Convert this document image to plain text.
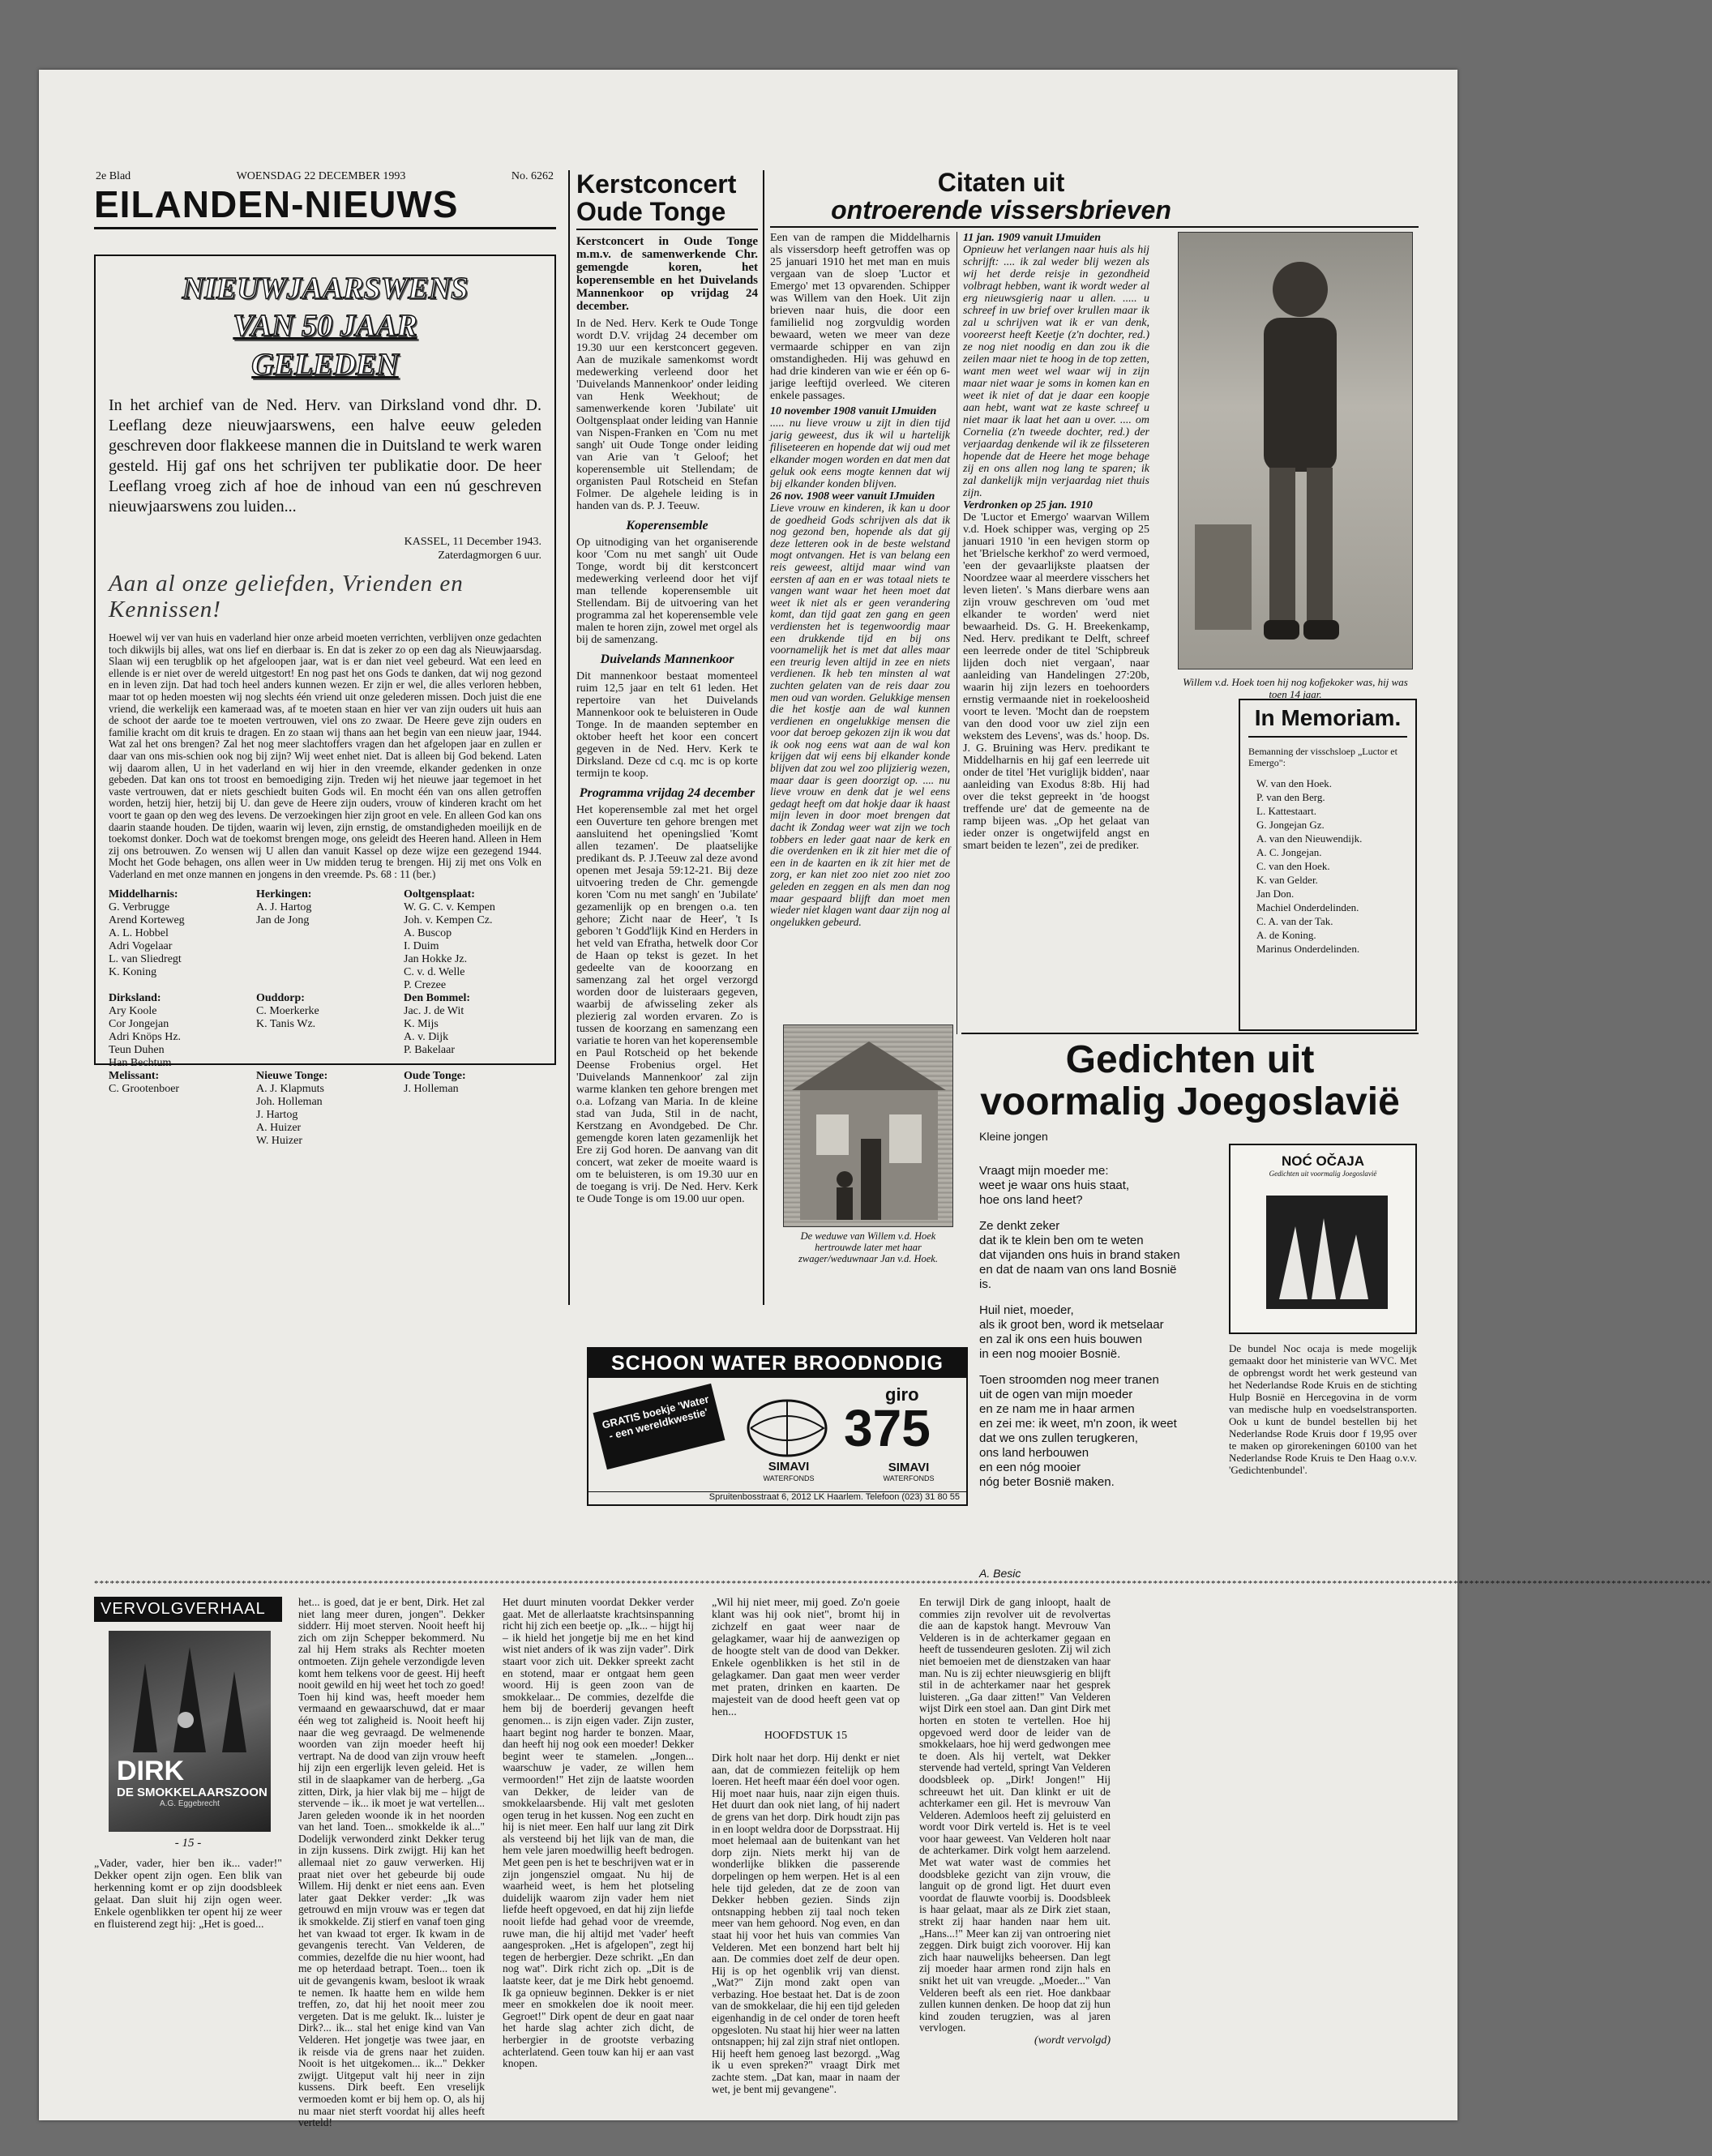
2e Blad	WOENSDAG 22 DECEMBER 1993	No. 6262
EILANDEN-NIEUWS
NIEUWJAARSWENS
VAN 50 JAAR
GELEDEN
In het archief van de Ned. Herv. van Dirksland vond dhr. D. Leeflang deze nieuwjaarswens, een halve eeuw geleden geschreven door flakkeese mannen die in Duitsland te werk waren gesteld. Hij gaf ons het schrijven ter publikatie door. De heer Leeflang vroeg zich af hoe de inhoud van een nú geschreven nieuwjaarswens zou luiden...
KASSEL, 11 December 1943.
Zaterdagmorgen 6 uur.
Aan al onze geliefden, Vrienden en Kennissen!
Hoewel wij ver van huis en vaderland hier onze arbeid moeten verrichten, verblijven onze gedachten toch dikwijls bij alles, wat ons lief en dierbaar is. En dat is zeker zo op een dag als Nieuwjaarsdag. Slaan wij een terugblik op het afgeloopen jaar, wat is er dan niet veel gebeurd. Wat een leed en ellende is er niet over de wereld uitgestort! En nog past het ons Gods te danken, dat wij nog gezond en in leven zijn. Dat had toch heel anders kunnen wezen. Er zijn er wel, die alles verloren hebben, maar tot op heden moesten wij nog slechts één vriend uit onze gelederen missen. Doch juist die ene vriend, die werkelijk een kameraad was, af te moeten staan en hier ver van zijn ouders uit huis aan de schoot der aarde toe te moeten vertrouwen, viel ons zo zwaar. De Heere geve zijn ouders en familie kracht om dit kruis te dragen. En zo staan wij thans aan het begin van een nieuw jaar, 1944. Wat zal het ons brengen? Zal het nog meer slachtoffers vragen dan het afgelopen jaar en zullen er daar van ons mis-schien ook nog bij zijn? Wij weet enhet niet. Dat is alleen bij God bekend. Laten wij daarom allen, U in het vaderland en wij hier in den vreemde, elkander gedenken in onze gebeden. Dat kan ons tot troost en bemoediging zijn. Treden wij het nieuwe jaar tegemoet in het vaste vertrouwen, dat er niets geschiedt buiten Gods wil. En mocht één van ons allen getroffen worden, hetzij hier, hetzij bij U. dan geve de Heere zijn ouders, vrouw of kinderen kracht om het voort te gaan op den weg des levens. De verzoekingen hier zijn groot en vele. En alleen God kan ons daarin staande houden. De tijden, waarin wij leven, zijn ernstig, de omstandigheden moeilijk en de toekomst donker. Doch wat de toekomst brengen moge, ons geleidt des Heeren hand. Alleen in Hem zij ons betrouwen. Zo wensen wij U allen dan vanuit Kassel op deze wijze een gezegend 1944. Mocht het Gode behagen, ons allen weer in Uw midden terug te brengen. Hij zij met ons Volk en Vaderland en met onze mannen en jongens in den vreemde. Ps. 68 : 11 (ber.)
Middelharnis:
G. Verbrugge
Arend Korteweg
A. L. Hobbel
Adri Vogelaar
L. van Sliedregt
K. Koning
Herkingen:
A. J. Hartog
Jan de Jong
Ooltgensplaat:
W. G. C. v. Kempen
Joh. v. Kempen Cz.
A. Buscop
I. Duim
Jan Hokke Jz.
C. v. d. Welle
P. Crezee
Dirksland:
Ary Koole
Cor Jongejan
Adri Knöps Hz.
Teun Duhen
Han Bechtum
Ouddorp:
C. Moerkerke
K. Tanis Wz.
Den Bommel:
Jac. J. de Wit
K. Mijs
A. v. Dijk
P. Bakelaar
Melissant:
C. Grootenboer
Nieuwe Tonge:
A. J. Klapmuts
Joh. Holleman
J. Hartog
A. Huizer
W. Huizer
Oude Tonge:
J. Holleman
Kerstconcert Oude Tonge
Kerstconcert in Oude Tonge m.m.v. de samenwerkende Chr. gemengde koren, het koperensemble en het Duivelands Mannenkoor op vrijdag 24 december.
In de Ned. Herv. Kerk te Oude Tonge wordt D.V. vrijdag 24 december om 19.30 uur een kerstconcert gegeven. Aan de muzikale samenkomst wordt medewerking verleend door het 'Duivelands Mannenkoor' onder leiding van Henk Weekhout; de samenwerkende koren 'Jubilate' uit Ooltgensplaat onder leiding van Hannie van Nispen-Franken en 'Com nu met sangh' uit Oude Tonge onder leiding van Arie van 't Geloof; het koperensemble uit Stellendam; de organisten Paul Rotscheid en Stefan Folmer. De algehele leiding is in handen van ds. P. J. Teeuw.
Koperensemble
Op uitnodiging van het organiserende koor 'Com nu met sangh' uit Oude Tonge, wordt bij dit kerstconcert medewerking verleend door het vijf man tellende koperensemble uit Stellendam. Bij de uitvoering van het programma zal het koperensemble vele malen te horen zijn, zowel met orgel als bij de samenzang.
Duivelands Mannenkoor
Dit mannenkoor bestaat momenteel ruim 12,5 jaar en telt 61 leden. Het repertoire van het Duivelands Mannenkoor ook te beluisteren in Oude Tonge. In de maanden september en oktober heeft het koor een concert gegeven in de Ned. Herv. Kerk te Dirksland. Deze cd c.q. mc is op korte termijn te koop.
Programma vrijdag 24 december
Het koperensemble zal met het orgel een Ouverture ten gehore brengen met aansluitend het openingslied 'Komt allen tezamen'. De plaatselijke predikant ds. P. J.Teeuw zal deze avond openen met Jesaja 59:12-21. Bij deze uitvoering treden de Chr. gemengde koren 'Com nu met sangh' en 'Jubilate' gezamenlijk op en brengen o.a. ten gehore; Zicht naar de Heer', 't Is geboren 't Godd'lijk Kind en Herders in het veld van Efratha, hetwelk door Cor de Haan op tekst is gezet. In het gedeelte van de kooorzang en samenzang zal het orgel verzorgd worden door de luisteraars gegeven, waarbij de afwisseling zeker als plezierig zal worden ervaren. Zo is tussen de koorzang en samenzang een variatie te horen van het koperensemble en Paul Rotscheid op het bekende Deense Frobenius orgel. Het 'Duivelands Mannenkoor' zal zijn warme klanken ten gehore brengen met o.a. Lofzang van Maria. In de kleine stad van Juda, Stil in de nacht, Kerstzang en Avondgebed. De Chr. gemengde koren laten gezamenlijk het Ere zij God horen. De aanvang van dit concert, wat zeker de moeite waard is om te beluisteren, is om 19.30 uur en de toegang is vrij. De Ned. Herv. Kerk te Oude Tonge is om 19.00 uur open.
Citaten uit
ontroerende vissersbrieven
Een van de rampen die Middelharnis als vissersdorp heeft getroffen was op 25 januari 1910 het met man en muis vergaan van de sloep 'Luctor et Emergo' met 13 opvarenden. Schipper was Willem van den Hoek. Uit zijn brieven naar huis, die door een familielid nog zorgvuldig worden bewaard, weten we meer van deze vermaarde schipper en van zijn omstandigheden. Hij was gehuwd en had drie kinderen van wie er één op 6-jarige leeftijd overleed. We citeren enkele passages.
10 november 1908 vanuit IJmuiden
..... nu lieve vrouw u zijt in dien tijd jarig geweest, dus ik wil u hartelijk filiseteeren en hopende dat wij oud met elkander mogen worden en dat men dat geluk ook eens mogte kennen dat wij bij elkander konden blijven.
26 nov. 1908 weer vanuit IJmuiden
Lieve vrouw en kinderen, ik kan u door de goedheid Gods schrijven als dat ik nog gezond ben, hopende als dat gij deze letteren ook in de beste welstand mogt ontvangen. Het is van belang een reis geweest, altijd maar wind van eersten af aan en er was totaal niets te vangen want waar het heen moet dat weet ik niet als er geen verandering komt, dan tijd gaat zen gang en geen verdiensten het is tegenwoordig maar een drukkende tijd en bij ons voornamelijk het is met dat alles maar een treurig leven altijd in zee en niets verdienen. Ik heb ten minsten al wat zuchten gelaten van de reis daar zou men oud van worden. Gelukkige mensen die het kostje aan de wal kunnen verdienen en ongelukkige mensen die voor dat beroep gekozen zijn ik wou dat ik ook nog eens wat aan de wal kon krijgen dat wij eens bij elkander konde blijven dat zou wel zoo plijzierig wezen, maar daar is geen doorzigt op. .... nu lieve vrouw en denk dat je wel eens gedagt heeft om dat hokje daar ik haast mijn leven in door moet brengen dat dacht ik Zondag weer wat zijn we toch tobbers en leder gaat naar de kerk en die overdenken en ik zit hier met die of een in de kaarten en ik zit hier met de zorg, er kan niet zoo niet zoo niet zoo geleden en zeggen en als men dan nog maar gespaard blijft dan moet men wieder niet klagen want daar zijn nog al ongelukken gebeurd.
11 jan. 1909 vanuit IJmuiden
Opnieuw het verlangen naar huis als hij schrijft: .... ik zal weder blij wezen als wij het derde reisje in gezondheid volbragt hebben, want ik wordt weder al erg nieuwsgierig naar u allen. ..... u schreef in uw brief over krullen maar ik zal u schrijven wat ik er van denk, vooreerst heeft Keetje (z'n dochter, red.) ze nog niet noodig en dan zou ik die zeilen maar niet te hoog in de top zetten, want men weet wel waar wij in zijn maar niet waar je soms in komen kan en weet ik niet of dat je daar een koopje aan hebt, want wat ze kaste schreef u niet maar ik laat het aan u over. .... om Cornelia (z'n tweede dochter, red.) der verjaardag denkende wil ik ze filsseteren hopende dat de Heere het moge behage zij en ons allen nog lang te sparen; ik zal dankelijk mijn verjaardag niet thuis zijn.
Verdronken op 25 jan. 1910
De 'Luctor et Emergo' waarvan Willem v.d. Hoek schipper was, verging op 25 januari 1910 'in een hevigen storm op het 'Brielsche kerkhof' zo werd vermoed, 'een der gevaarlijkste plaatsen der Noordzee waar al meerdere visschers het leven lieten'. 's Mans dierbare wens aan zijn vrouw geschreven om 'oud met elkander te worden' werd niet bewaarheid. Ds. G. H. Breekenkamp, Ned. Herv. predikant te Delft, schreef een leerrede onder de titel 'Schipbreuk lijden doch niet vergaan', naar aanleiding van Handelingen 27:20b, waarin hij zijn lezers en toehoorders ernstig vermaande niet in roekeloosheid voort te leven. 'Mocht dan de roepstem van den dood voor uw ziel zijn een wekstem des Levens', was ds.' hoop. Ds. J. G. Bruining was Herv. predikant te Middelharnis en hij gaf een leerrede uit onder de titel 'Het vuriglijk bidden', naar aanleiding van Exodus 8:8b. Hij had over die tekst gepreekt in 'de hoogst treffende ure' dat de gemeente na de ramp bijeen was. „Op het gelaat van ieder onzer is ongetwijfeld angst en smart beiden te lezen", zei de prediker.
Willem v.d. Hoek toen hij nog kofjekoker was, hij was toen 14 jaar.
De weduwe van Willem v.d. Hoek hertrouwde later met haar zwager/weduwnaar Jan v.d. Hoek.
In Memoriam.
Bemanning der visschsloep „Luctor et Emergo":
W. van den Hoek.
P. van den Berg.
L. Kattestaart.
G. Jongejan Gz.
A. van den Nieuwendijk.
A. C. Jongejan.
C. van den Hoek.
K. van Gelder.
Jan Don.
Machiel Onderdelinden.
C. A. van der Tak.
A. de Koning.
Marinus Onderdelinden.
Gedichten uit
voormalig Joegoslavië
Kleine jongen

Vraagt mijn moeder me:
weet je waar ons huis staat,
hoe ons land heet?

Ze denkt zeker
dat ik te klein ben om te weten
dat vijanden ons huis in brand staken
en dat de naam van ons land Bosnië
is.

Huil niet, moeder,
als ik groot ben, word ik metselaar
en zal ik ons een huis bouwen
in een nog mooier Bosnië.

Toen stroomden nog meer tranen
uit de ogen van mijn moeder
en ze nam me in haar armen
en zei me: ik weet, m'n zoon, ik weet
dat we ons zullen terugkeren,
ons land herbouwen
en een nóg mooier
nóg beter Bosnië maken.

A. Besic
NOĆ OČAJA
Gedichten uit voormalig Joegoslavië
De bundel Noc ocaja is mede mogelijk gemaakt door het ministerie van WVC. Met de opbrengst wordt het werk gesteund van het Nederlandse Rode Kruis en de stichting Hulp Bosnië en Hercegovina in de vorm van medische hulp en voedselstransporten. Ook u kunt de bundel bestellen bij het Nederlandse Rode Kruis door f 19,95 over te maken op girorekeningen 60100 van het Nederlandse Rode Kruis te Den Haag o.v.v. 'Gedichtenbundel'.
SCHOON WATER BROODNODIG
GRATIS boekje 'Water - een wereldkwestie'
SIMAVI
WATERFONDS
giro
375
SIMAVI
WATERFONDS
Spruitenbosstraat 6, 2012 LK Haarlem. Telefoon (023) 31 80 55
*******************************************************************************************************************************************************************************************************************************************************************************************************************
VERVOLGVERHAAL
DIRK
DE SMOKKELAARSZOON
A.G. Eggebrecht
- 15 -
„Vader, vader, hier ben ik... vader!" Dekker opent zijn ogen. Een blik van herkenning komt er op zijn doodsbleek gelaat. Dan sluit hij zijn ogen weer. Enkele ogenblikken ter opent hij ze weer en fluisterend zegt hij: „Het is goed...
het... is goed, dat je er bent, Dirk. Het zal niet lang meer duren, jongen". Dekker sidderr. Hij moet sterven. Nooit heeft hij zich om zijn Schepper bekommerd. Nu zal hij Hem straks als Rechter moeten ontmoeten. Zijn gehele verzondigde leven komt hem telkens voor de geest. Hij heeft nooit gewild en hij weet het toch zo goed! Toen hij kind was, heeft moeder hem vermaand en gewaarschuwd, dat er maar één weg tot zaligheid is. Nooit heeft hij naar die weg gevraagd. De welmenende woorden van zijn moeder heeft hij vertrapt. Na de dood van zijn vrouw heeft hij zijn een ergerlijk leven geleid. Het is stil in de slaapkamer van de herberg. „Ga zitten, Dirk, ja hier vlak bij me – hijgt de stervende – ik... ik moet je wat vertellen... Jaren geleden woonde ik in het noorden van het land. Toen... smokkelde ik al..." Dodelijk verwonderd zinkt Dekker terug in zijn kussens. Dirk zwijgt. Hij kan het allemaal niet zo gauw verwerken. Hij praat niet over het gebeurde bij oude Willem. Hij denkt er niet eens aan. Even later gaat Dekker verder: „Ik was getrouwd en mijn vrouw was er tegen dat ik smokkelde. Zij stierf en vanaf toen ging het van kwaad tot erger. Ik kwam in de gevangenis terecht. Van Velderen, de commies, dezelfde die nu hier woont, had me op heterdaad betrapt. Toen... toen ik uit de gevangenis kwam, besloot ik wraak te nemen. Ik haatte hem en wilde hem treffen, zo, dat hij het nooit meer zou vergeten. Dat is me gelukt. Ik... luister je Dirk?... ik... stal het enige kind van Van Velderen. Het jongetje was twee jaar, en ik reisde via de grens naar het zuiden. Nooit is het uitgekomen... ik..." Dekker zwijgt. Uitgeput valt hij neer in zijn kussens. Dirk beeft. Een vreselijk vermoeden komt er bij hem op. O, als hij nu maar niet sterft voordat hij alles heeft verteld!
Het duurt minuten voordat Dekker verder gaat. Met de allerlaatste krachtsinspanning richt hij zich een beetje op. „Ik... – hijgt hij – ik hield het jongetje bij me en het kind wist niet anders of ik was zijn vader". Dirk staart voor zich uit. Dekker spreekt zacht en stotend, maar er ontgaat hem geen woord. Hij is geen zoon van de smokkelaar... De commies, dezelfde die hem bij de boerderij gevangen heeft genomen... is zijn eigen vader. Zijn zuster, haart begint nog harder te bonzen. Maar, dan heeft hij nog ook een moeder! Dekker begint weer te stamelen. „Jongen... waarschuw je vader, ze willen hem vermoorden!" Het zijn de laatste woorden van Dekker, de leider van de smokkelaarsbende. Hij valt met gesloten ogen terug in het kussen. Nog een zucht en hij is niet meer. Een half uur lang zit Dirk als versteend bij het lijk van de man, die hem vele jaren moedwillig heeft bedrogen. Met geen pen is het te beschrijven wat er in zijn jongensziel omgaat. Nu hij de waarheid weet, is hem het plotseling duidelijk waarom zijn vader hem niet liefde heeft opgevoed, en dat hij zijn liefde nooit liefde had gehad voor de vreemde, ruwe man, die hij altijd met 'vader' heeft aangesproken. „Het is afgelopen", zegt hij tegen de herbergier. Deze schrikt. „En dan nog wat". Dirk richt zich op. „Dit is de laatste keer, dat je me Dirk hebt genoemd. Ik ga opnieuw beginnen. Dekker is er niet meer en smokkelen doe ik nooit meer. Gegroet!" Dirk opent de deur en gaat naar het harde slag achter zich dicht, de herbergier in de grootste verbazing achterlatend. Geen touw kan hij er aan vast knopen.
„Wil hij niet meer, mij goed. Zo'n goeie klant was hij ook niet", bromt hij in zichzelf en gaat weer naar de gelagkamer, waar hij de aanwezigen op de hoogte stelt van de dood van Dekker. Enkele ogenblikken is het stil in de gelagkamer. Dan gaat men weer verder met praten, drinken en kaarten. De majesteit van de dood heeft geen vat op hen...
HOOFDSTUK 15
Dirk holt naar het dorp. Hij denkt er niet aan, dat de commiezen feitelijk op hem loeren. Het heeft maar één doel voor ogen. Hij moet naar huis, naar zijn eigen thuis. Het duurt dan ook niet lang, of hij nadert de grens van het dorp. Dirk houdt zijn pas in en loopt weldra door de Dorpsstraat. Hij moet helemaal aan de buitenkant van het dorp zijn. Niets merkt hij van de wonderlijke blikken die passerende dorpelingen op hem werpen. Het is al een hele tijd geleden, dat ze de zoon van Dekker hebben gezien. Sinds zijn ontsnapping hebben zij taal noch teken meer van hem gehoord. Nog even, en dan staat hij voor het huis van commies Van Velderen. Met een bonzend hart belt hij aan. De commies doet zelf de deur open. Hij is op het ogenblik vrij van dienst. „Wat?" Zijn mond zakt open van verbazing. Hoe bestaat het. Dat is de zoon van de smokkelaar, die hij een tijd geleden eigenhandig in de cel onder de toren heeft opgesloten. Nu staat hij hier weer na latten ontsnappen; hij zal zijn straf niet ontlopen. Hij heeft hem genoeg last bezorgd. „Wag ik u even spreken?" vraagt Dirk met zachte stem. „Dat kan, maar in naam der wet, je bent mij gevangene".
En terwijl Dirk de gang inloopt, haalt de commies zijn revolver uit de revolvertas die aan de kapstok hangt. Mevrouw Van Velderen is in de achterkamer gegaan en heeft de tussendeuren gesloten. Zij wil zich niet bemoeien met de dienstzaken van haar man. Nu is zij echter nieuwsgierig en blijft stil in de achterkamer naar het gesprek luisteren. „Ga daar zitten!" Van Velderen wijst Dirk een stoel aan. Dan gint Dirk met horten en stoten te vertellen. Hoe hij opgevoed werd door de leider van de smokkelaars, hoe hij werd gedwongen mee te doen. Als hij vertelt, wat Dekker stervende had verteld, springt Van Velderen doodsbleek op. „Dirk! Jongen!" Hij schreeuwt het uit. Dan klinkt er uit de achterkamer een gil. Het is mevrouw Van Velderen. Ademloos heeft zij geluisterd en wordt voor Dirk verteld is. Het is te veel voor haar geweest. Van Velderen holt naar de achterkamer. Dirk volgt hem aarzelend. Met wat water wast de commies het doodsbleke gezicht van zijn vrouw, die languit op de grond ligt. Het duurt even voordat de flauwte voorbij is. Doodsbleek is haar gelaat, maar als ze Dirk ziet staan, strekt zij haar handen naar hem uit. „Hans...!" Meer kan zij van ontroering niet zeggen. Dirk buigt zich voorover. Hij kan zich haar nauwelijks beheersen. Dan legt zij moeder haar armen rond zijn hals en snikt het uit van vreugde. „Moeder..." Van Velderen beeft als een riet. Hoe dankbaar zullen kunnen denken. De hoop dat zij hun kind zouden terugzien, was al jaren vervlogen.
(wordt vervolgd)
